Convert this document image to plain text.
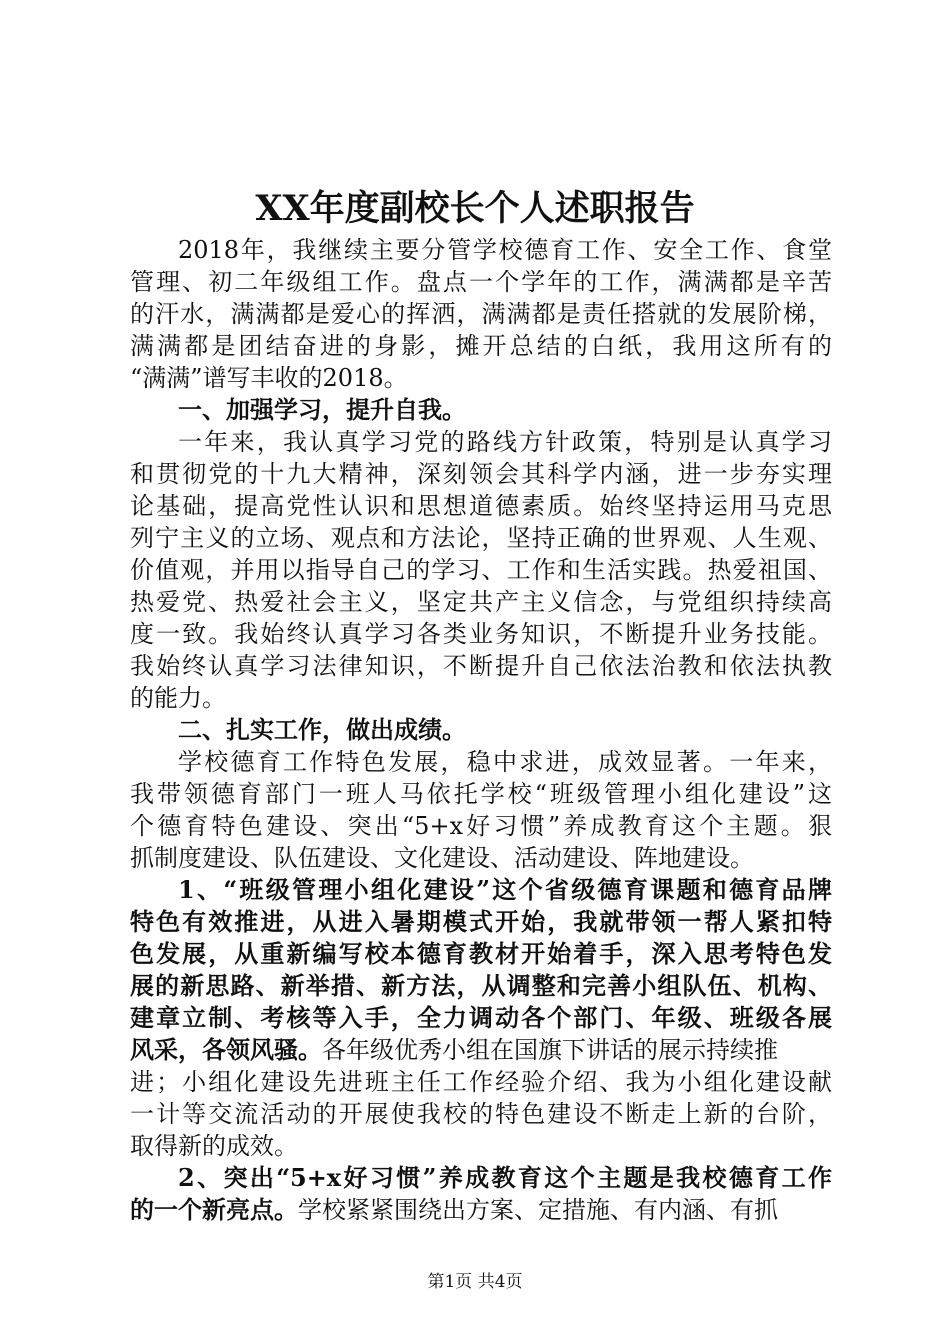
XX年度副校长个人述职报告
2018年，我继续主要分管学校德育工作、安全工作、食堂
管理、初二年级组工作。盘点一个学年的工作，满满都是辛苦
的汗水，满满都是爱心的挥洒，满满都是责任搭就的发展阶梯，
满满都是团结奋进的身影，摊开总结的白纸，我用这所有的
“满满”谱写丰收的2018。
一、加强学习，提升自我。
一年来，我认真学习党的路线方针政策，特别是认真学习
和贯彻党的十九大精神，深刻领会其科学内涵，进一步夯实理
论基础，提高党性认识和思想道德素质。始终坚持运用马克思
列宁主义的立场、观点和方法论，坚持正确的世界观、人生观、
价值观，并用以指导自己的学习、工作和生活实践。热爱祖国、
热爱党、热爱社会主义，坚定共产主义信念，与党组织持续高
度一致。我始终认真学习各类业务知识，不断提升业务技能。
我始终认真学习法律知识，不断提升自己依法治教和依法执教
的能力。
二、扎实工作，做出成绩。
学校德育工作特色发展，稳中求进，成效显著。一年来，
我带领德育部门一班人马依托学校“班级管理小组化建设”这
个德育特色建设、突出“5+x好习惯”养成教育这个主题。狠
抓制度建设、队伍建设、文化建设、活动建设、阵地建设。
1、“班级管理小组化建设”这个省级德育课题和德育品牌
特色有效推进，从进入暑期模式开始，我就带领一帮人紧扣特
色发展，从重新编写校本德育教材开始着手，深入思考特色发
展的新思路、新举措、新方法，从调整和完善小组队伍、机构、
建章立制、考核等入手，全力调动各个部门、年级、班级各展
风采，各领风骚。各年级优秀小组在国旗下讲话的展示持续推
进；小组化建设先进班主任工作经验介绍、我为小组化建设献
一计等交流活动的开展使我校的特色建设不断走上新的台阶，
取得新的成效。
2、突出“5+x好习惯”养成教育这个主题是我校德育工作
的一个新亮点。学校紧紧围绕出方案、定措施、有内涵、有抓
第1页 共4页
